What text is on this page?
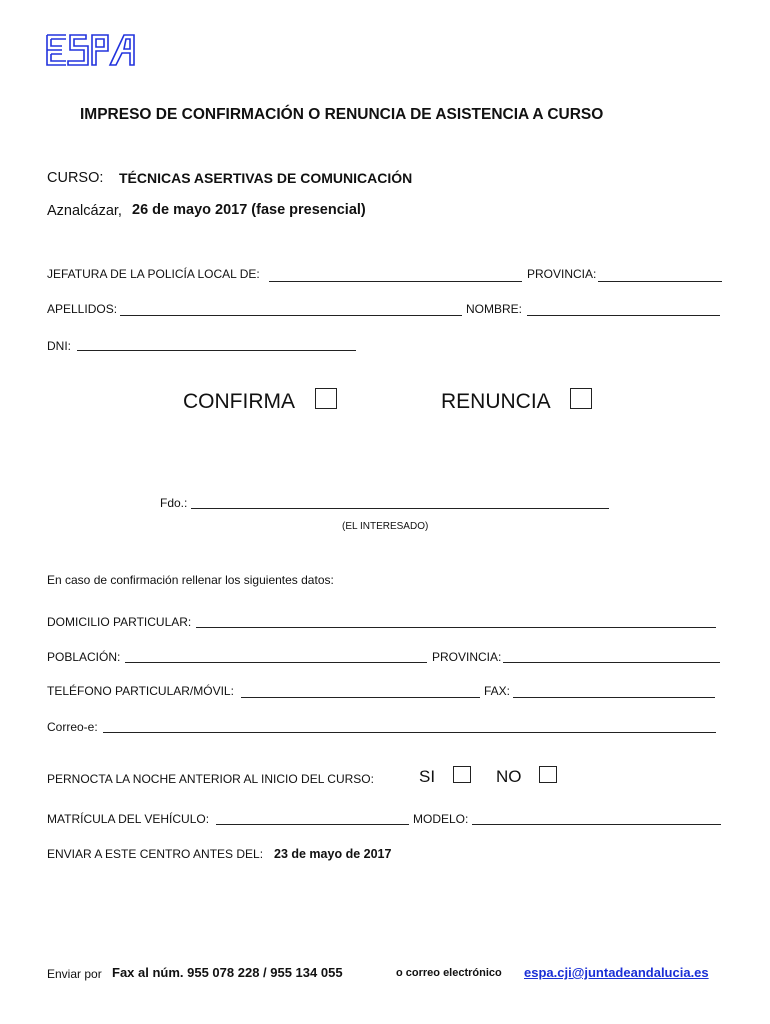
IMPRESO DE CONFIRMACIÓN O RENUNCIA DE ASISTENCIA A CURSO
CURSO: TÉCNICAS ASERTIVAS DE COMUNICACIÓN
Aznalcázar, 26 de mayo 2017 (fase presencial)
JEFATURA DE LA POLICÍA LOCAL DE:	PROVINCIA:
APELLIDOS:	NOMBRE:
DNI:
CONFIRMA	RENUNCIA
Fdo.:
(EL INTERESADO)
En caso de confirmación rellenar los siguientes datos:
DOMICILIO PARTICULAR:
POBLACIÓN:	PROVINCIA:
TELÉFONO PARTICULAR/MÓVIL:	FAX:
Correo-e:
PERNOCTA LA NOCHE ANTERIOR AL INICIO DEL CURSO:	SI	NO
MATRÍCULA DEL VEHÍCULO:	MODELO:
ENVIAR A ESTE CENTRO ANTES DEL: 23 de mayo de 2017
Enviar por Fax al núm. 955 078 228 / 955 134 055	o correo electrónico espa.cji@juntadeandalucia.es
